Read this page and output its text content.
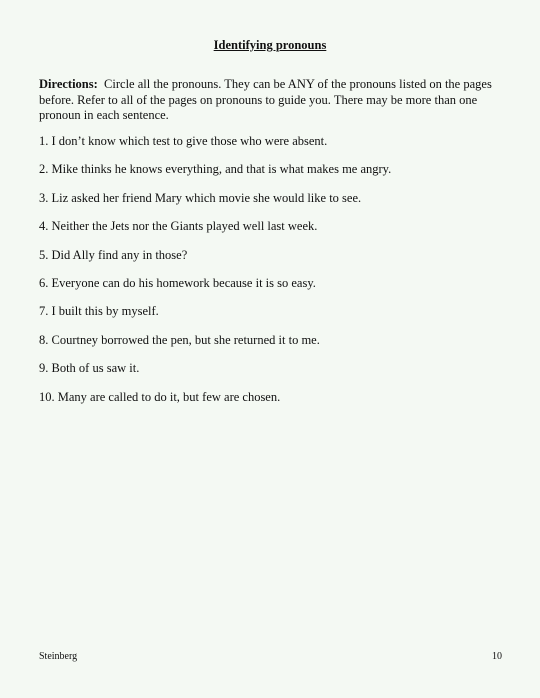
Identifying pronouns
Directions: Circle all the pronouns. They can be ANY of the pronouns listed on the pages before. Refer to all of the pages on pronouns to guide you. There may be more than one pronoun in each sentence.
1. I don’t know which test to give those who were absent.
2. Mike thinks he knows everything, and that is what makes me angry.
3. Liz asked her friend Mary which movie she would like to see.
4. Neither the Jets nor the Giants played well last week.
5. Did Ally find any in those?
6. Everyone can do his homework because it is so easy.
7. I built this by myself.
8. Courtney borrowed the pen, but she returned it to me.
9. Both of us saw it.
10. Many are called to do it, but few are chosen.
Steinberg	10
